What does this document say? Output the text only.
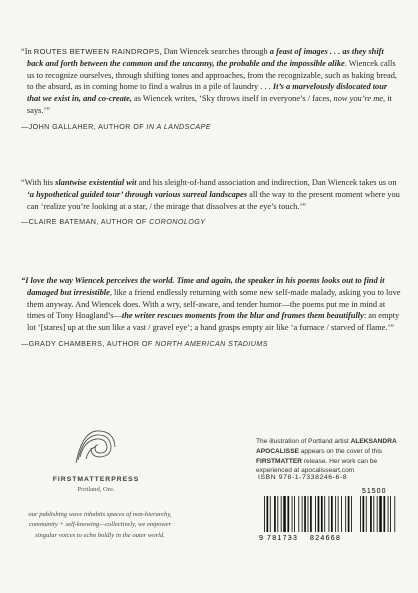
“In ROUTES BETWEEN RAINDROPS, Dan Wiencek searches through a feast of images . . . as they shift back and forth between the common and the uncanny, the probable and the impossible alike. Wiencek calls us to recognize ourselves, through shifting tones and approaches, from the recognizable, such as baking bread, to the absurd, as in coming home to find a walrus in a pile of laundry . . . It’s a marvelously dislocated tour that we exist in, and co-create, as Wiencek writes, ‘Sky throws itself in everyone’s / faces, now you’re me, it says.’”

—JOHN GALLAHER, AUTHOR OF IN A LANDSCAPE

“With his slantwise existential wit and his sleight-of-hand association and indirection, Dan Wiencek takes us on ‘a hypothetical guided tour’ through various surreal landscapes all the way to the present moment where you can ‘realize you’re looking at a star, / the mirage that dissolves at the eye’s touch.’”

—CLAIRE BATEMAN, AUTHOR OF CORONOLOGY

“I love the way Wiencek perceives the world. Time and again, the speaker in his poems looks out to find it damaged but irresistible, like a friend endlessly returning with some new self-made malady, asking you to love them anyway. And Wiencek does. With a wry, self-aware, and tender humor—the poems put me in mind at times of Tony Hoagland’s—the writer rescues moments from the blur and frames them beautifully: an empty lot ‘[stares] up at the sun like a vast / gravel eye’; a hand grasps empty air like ‘a furnace / starved of flame.’”

—GRADY CHAMBERS, AUTHOR OF NORTH AMERICAN STADIUMS
FIRSTMATTERPRESS
Portland, Ore.
our publishing wave inhabits spaces of non-hierarchy, community + self-knowing—collectively, we empower singular voices to echo boldly in the outer world.
The illustration of Portland artist ALEKSANDRA APOCALISSE appears on the cover of this FIRSTMATTER release. Her work can be experienced at apocalisseart.com
ISBN 978-1-7338246-6-8
9 781733 824668
51500
